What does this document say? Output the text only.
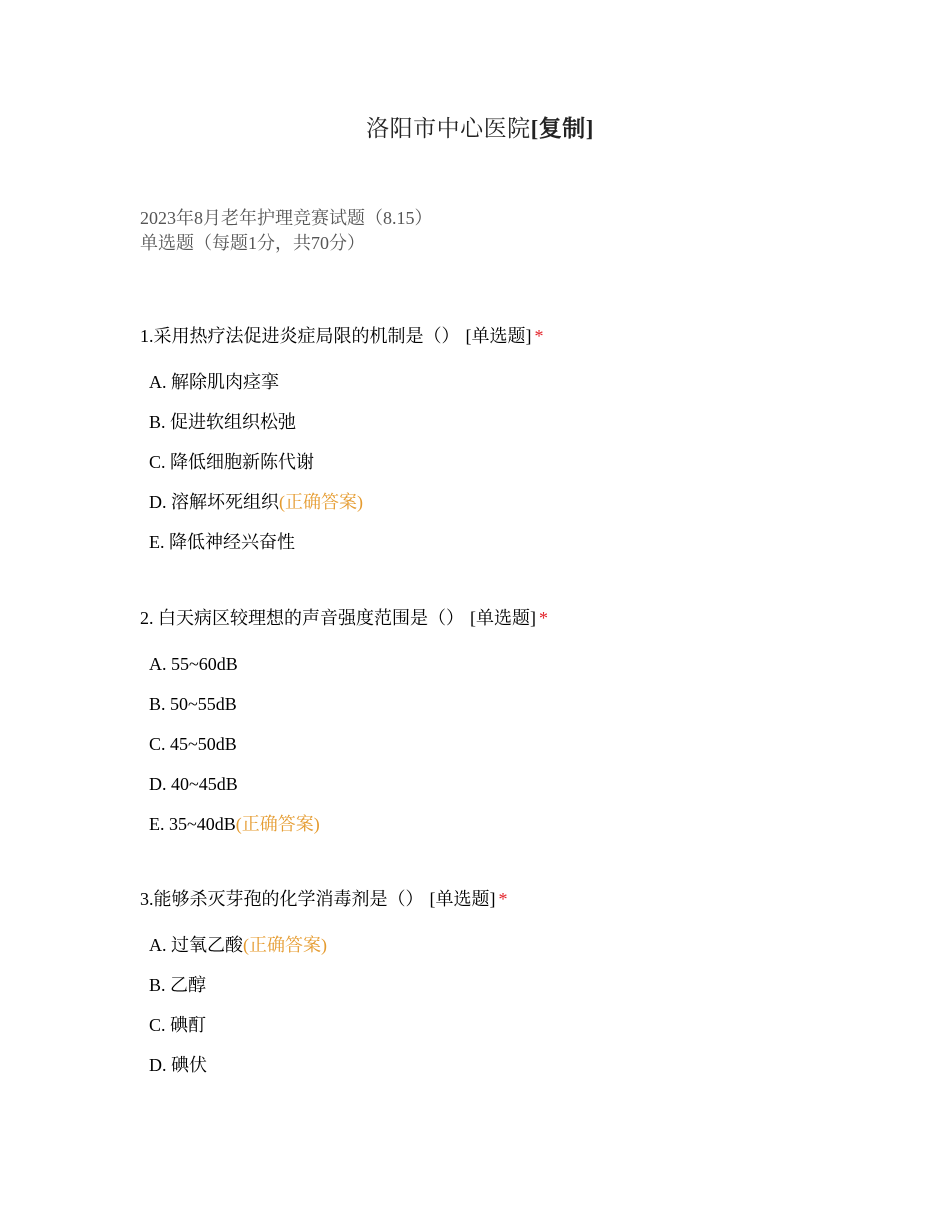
洛阳市中心医院[复制]
2023年8月老年护理竞赛试题（8.15）
单选题（每题1分，共70分）
1.采用热疗法促进炎症局限的机制是（） [单选题] *
A. 解除肌肉痉挛
B. 促进软组织松弛
C. 降低细胞新陈代谢
D. 溶解坏死组织(正确答案)
E. 降低神经兴奋性
2. 白天病区较理想的声音强度范围是（） [单选题] *
A. 55~60dB
B. 50~55dB
C. 45~50dB
D. 40~45dB
E. 35~40dB(正确答案)
3.能够杀灭芽孢的化学消毒剂是（） [单选题] *
A. 过氧乙酸(正确答案)
B. 乙醇
C. 碘酊
D. 碘伏
